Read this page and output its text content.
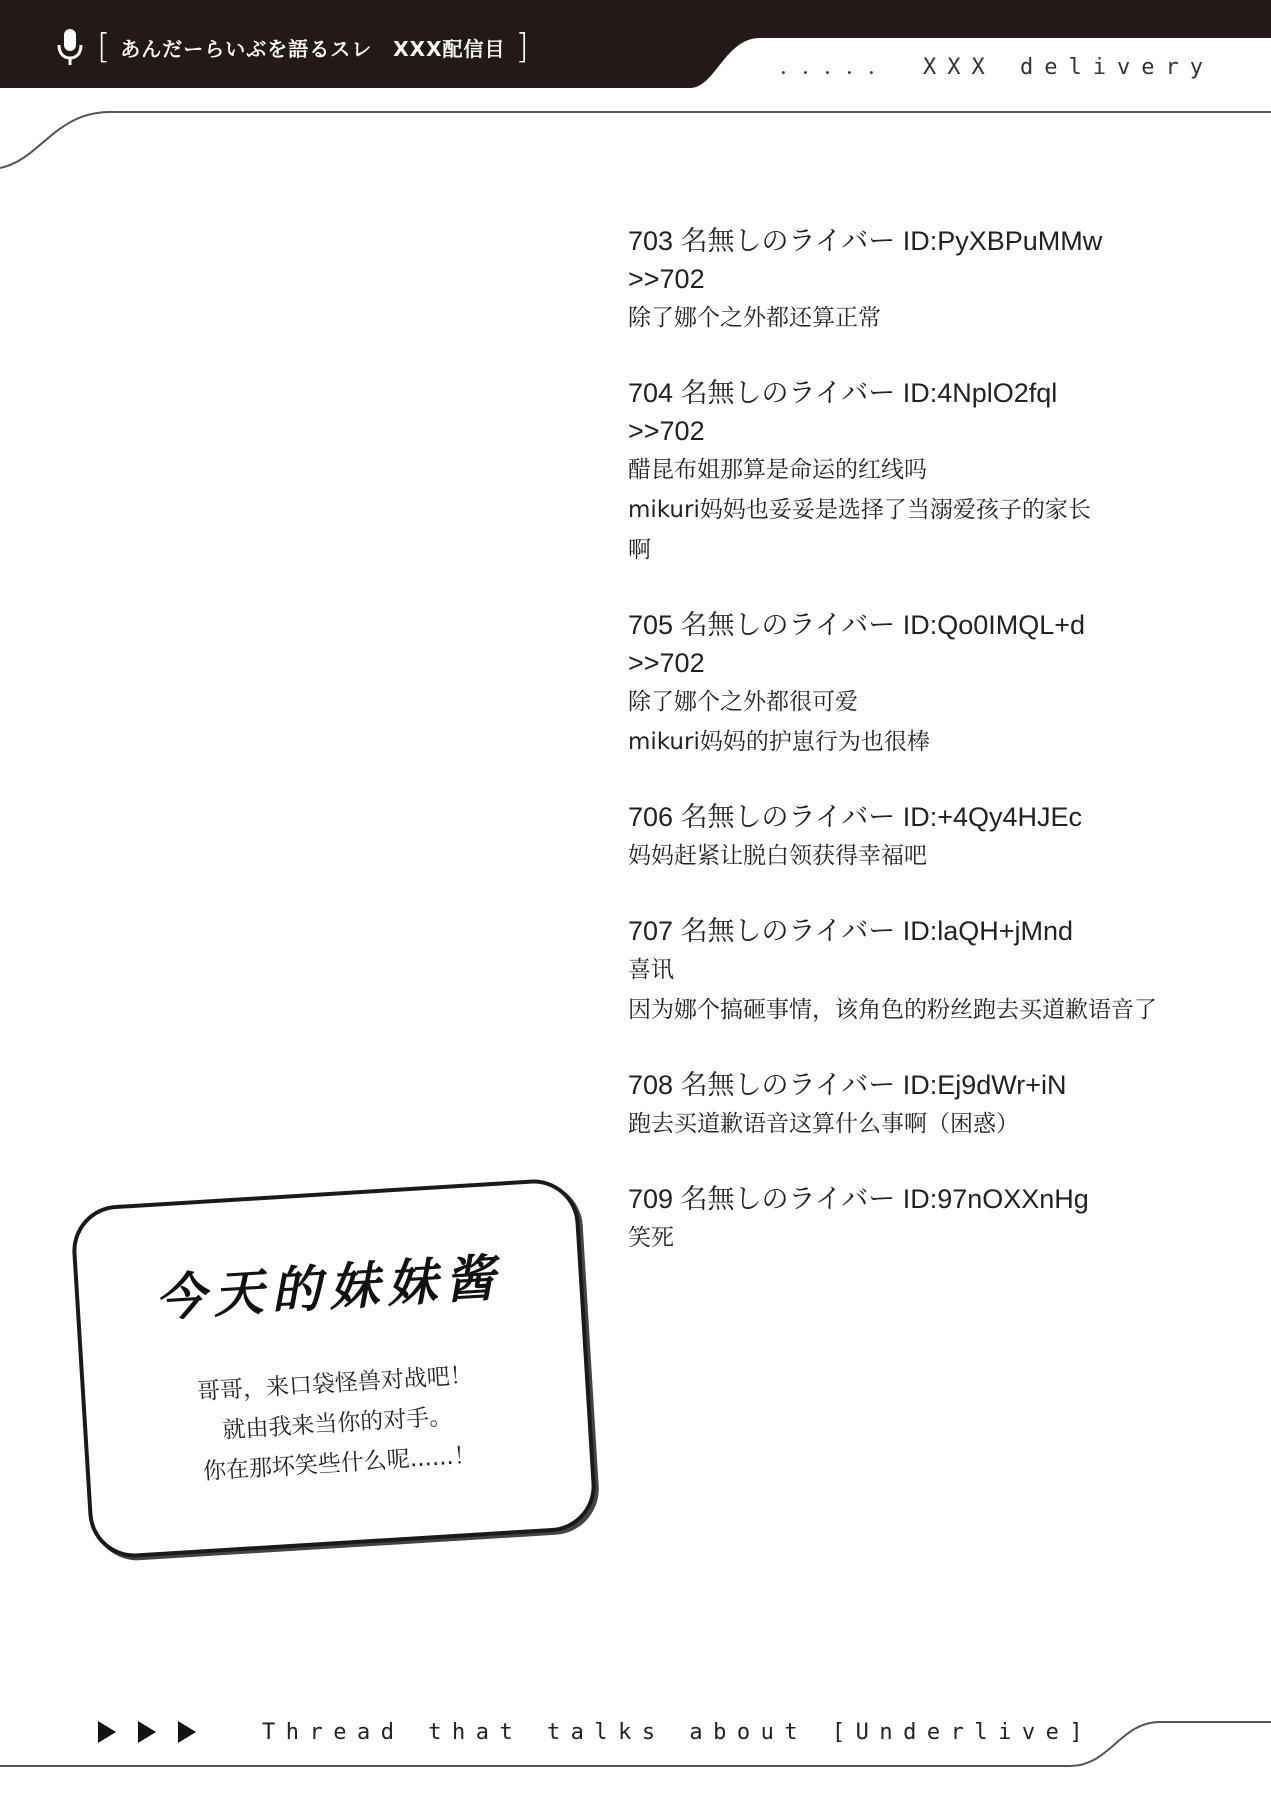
[ あんだーらいぶを語るスレ　XXX配信目 ]
．．．．．　XXX delivery
703 名無しのライバー ID:PyXBPuMMw
>>702
除了娜个之外都还算正常
704 名無しのライバー ID:4NplO2fql
>>702
醋昆布姐那算是命运的红线吗
mikuri妈妈也妥妥是选择了当溺爱孩子的家长
啊
705 名無しのライバー ID:Qo0IMQL+d
>>702
除了娜个之外都很可爱
mikuri妈妈的护崽行为也很棒
706 名無しのライバー ID:+4Qy4HJEc
妈妈赶紧让脱白领获得幸福吧
707 名無しのライバー ID:laQH+jMnd
喜讯
因为娜个搞砸事情，该角色的粉丝跑去买道歉语音了
708 名無しのライバー ID:Ej9dWr+iN
跑去买道歉语音这算什么事啊（困惑）
709 名無しのライバー ID:97nOXXnHg
笑死
今天的妹妹酱
哥哥，来口袋怪兽对战吧！
就由我来当你的对手。
你在那坏笑些什么呢......！
Thread that talks about [Underlive]
